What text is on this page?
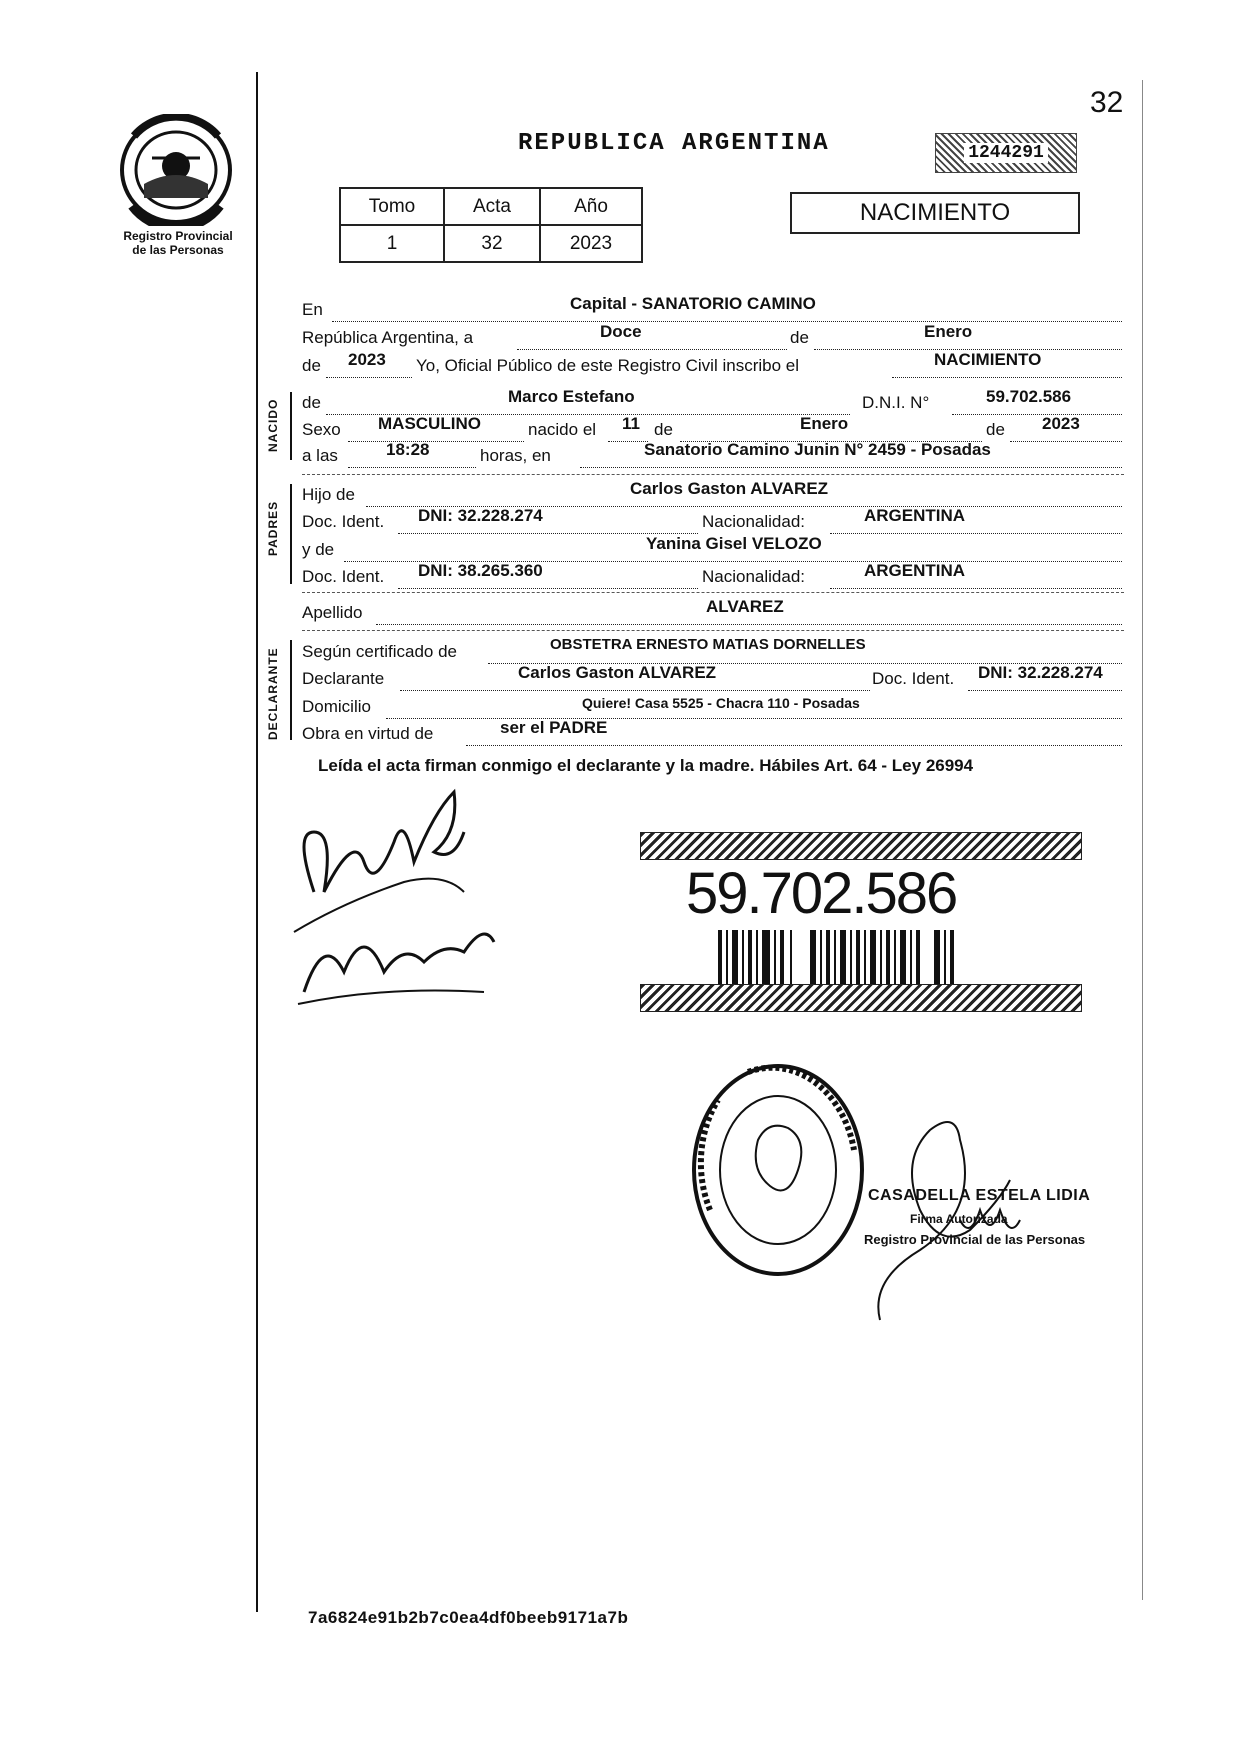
32
1244291
Registro Provincial
de las Personas
REPUBLICA ARGENTINA
Tomo	Acta	Año
1	32	2023
NACIMIENTO
NACIDO
PADRES
DECLARANTE
En	Capital - SANATORIO CAMINO
República Argentina, a	Doce	de	Enero
de 2023 Yo, Oficial Público de este Registro Civil inscribo el	NACIMIENTO
de	Marco Estefano	D.N.I. N°	59.702.586
Sexo MASCULINO	nacido el 11 de	Enero	de 2023
a las	18:28	horas, en	Sanatorio Camino Junin N° 2459 - Posadas
Hijo de	Carlos Gaston ALVAREZ
Doc. Ident. DNI: 32.228.274	Nacionalidad:	ARGENTINA
y de	Yanina Gisel VELOZO
Doc. Ident. DNI: 38.265.360	Nacionalidad:	ARGENTINA
Apellido	ALVAREZ
Según certificado de	OBSTETRA ERNESTO MATIAS DORNELLES
Declarante	Carlos Gaston ALVAREZ	Doc. Ident. DNI: 32.228.274
Domicilio	Quiere! Casa 5525 - Chacra 110 - Posadas
Obra en virtud de	ser el PADRE
Leída el acta firman conmigo el declarante y la madre. Hábiles Art. 64 - Ley 26994
59.702.586
CASADELLA ESTELA LIDIA
Firma Autorizada
Registro Provincial de las Personas
7a6824e91b2b7c0ea4df0beeb9171a7b
